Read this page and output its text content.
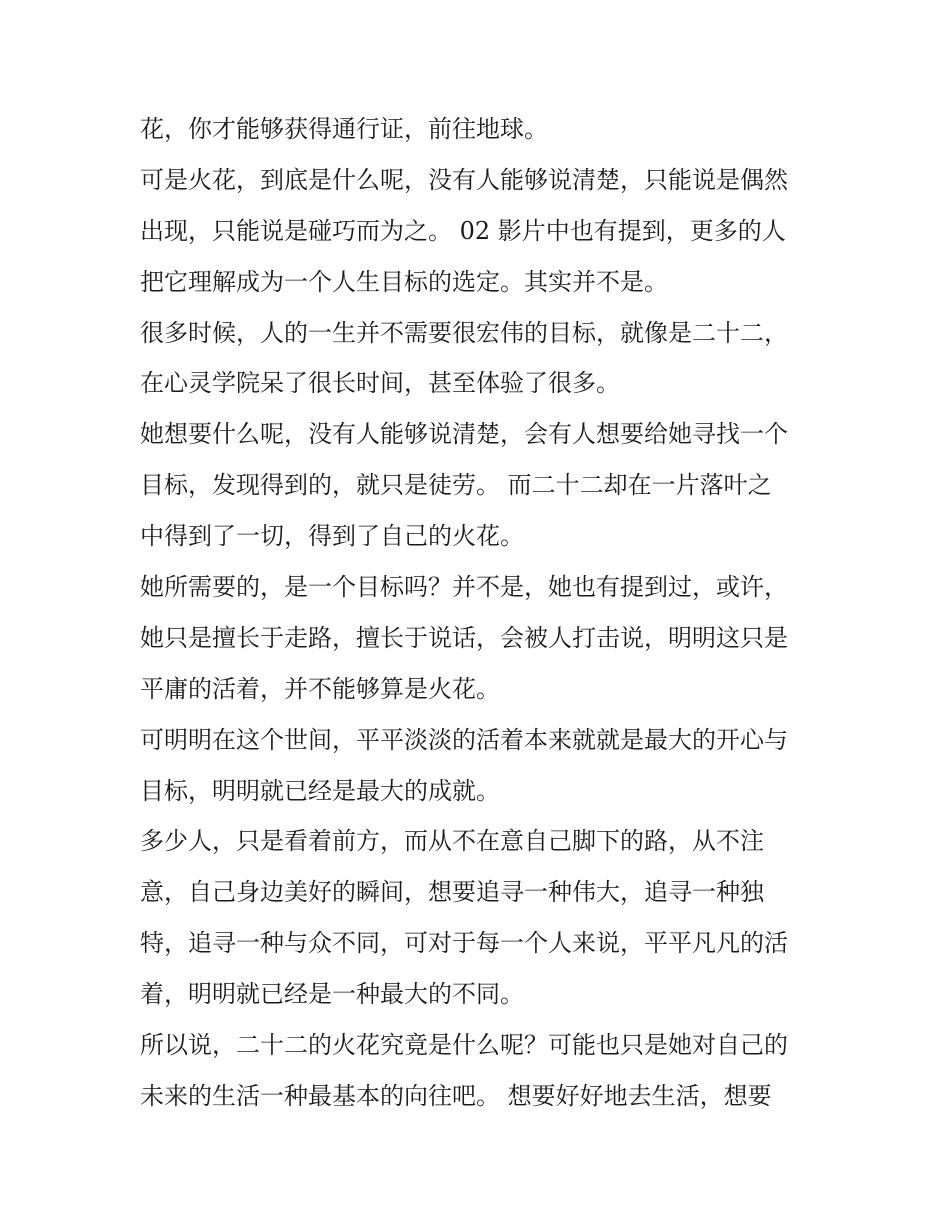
花，你才能够获得通行证，前往地球。
可是火花，到底是什么呢，没有人能够说清楚，只能说是偶然
出现，只能说是碰巧而为之。 02 影片中也有提到，更多的人
把它理解成为一个人生目标的选定。其实并不是。
很多时候，人的一生并不需要很宏伟的目标，就像是二十二，
在心灵学院呆了很长时间，甚至体验了很多。
她想要什么呢，没有人能够说清楚，会有人想要给她寻找一个
目标，发现得到的，就只是徒劳。 而二十二却在一片落叶之
中得到了一切，得到了自己的火花。
她所需要的，是一个目标吗？并不是，她也有提到过，或许，
她只是擅长于走路，擅长于说话，会被人打击说，明明这只是
平庸的活着，并不能够算是火花。
可明明在这个世间，平平淡淡的活着本来就就是最大的开心与
目标，明明就已经是最大的成就。
多少人，只是看着前方，而从不在意自己脚下的路，从不注
意，自己身边美好的瞬间，想要追寻一种伟大，追寻一种独
特，追寻一种与众不同，可对于每一个人来说，平平凡凡的活
着，明明就已经是一种最大的不同。
所以说，二十二的火花究竟是什么呢？可能也只是她对自己的
未来的生活一种最基本的向往吧。 想要好好地去生活，想要
